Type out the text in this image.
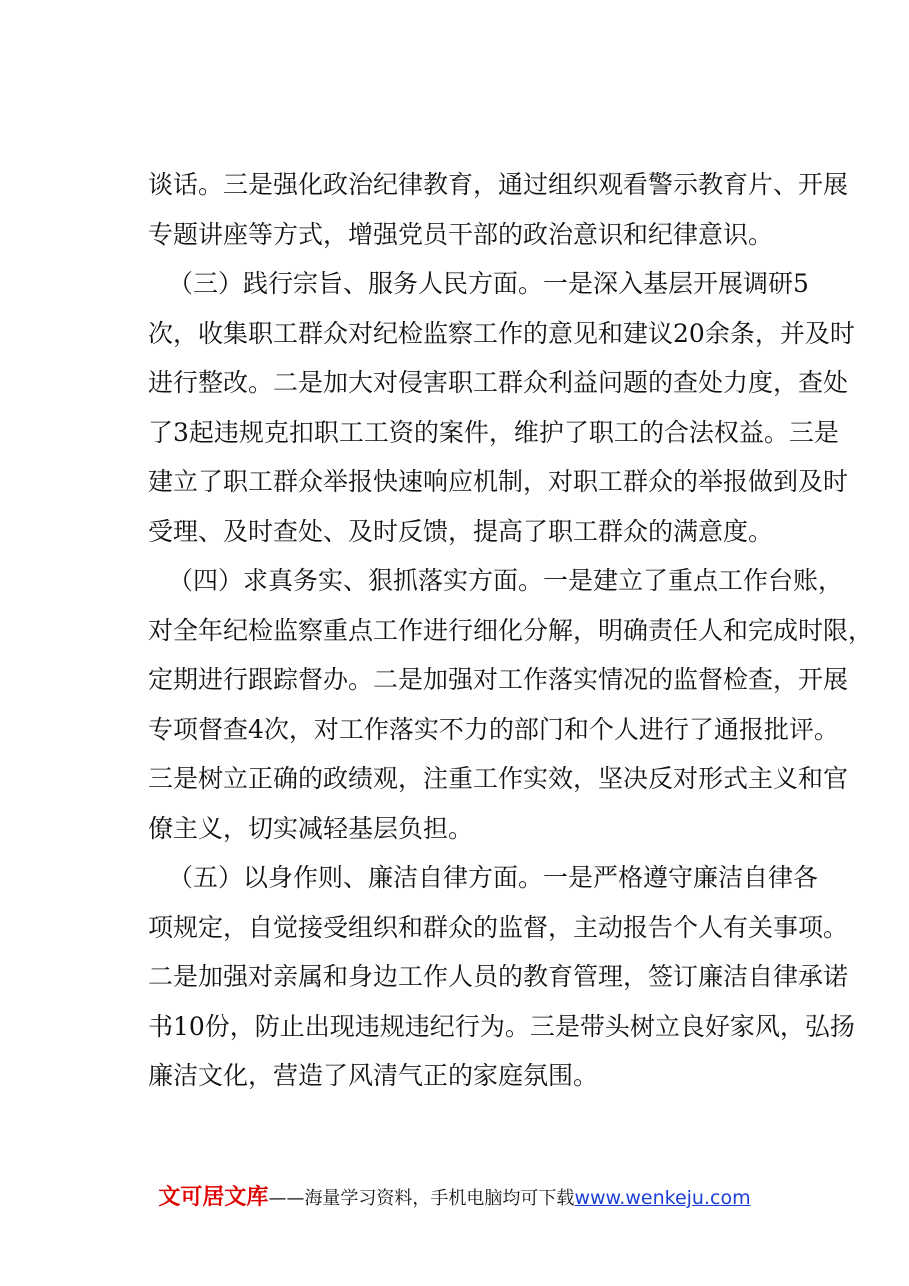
谈话。三是强化政治纪律教育，通过组织观看警示教育片、开展
专题讲座等方式，增强党员干部的政治意识和纪律意识。
（三）践行宗旨、服务人民方面。一是深入基层开展调研5
次，收集职工群众对纪检监察工作的意见和建议20余条，并及时
进行整改。二是加大对侵害职工群众利益问题的查处力度，查处
了3起违规克扣职工工资的案件，维护了职工的合法权益。三是
建立了职工群众举报快速响应机制，对职工群众的举报做到及时
受理、及时查处、及时反馈，提高了职工群众的满意度。
（四）求真务实、狠抓落实方面。一是建立了重点工作台账，
对全年纪检监察重点工作进行细化分解，明确责任人和完成时限，
定期进行跟踪督办。二是加强对工作落实情况的监督检查，开展
专项督查4次，对工作落实不力的部门和个人进行了通报批评。
三是树立正确的政绩观，注重工作实效，坚决反对形式主义和官
僚主义，切实减轻基层负担。
（五）以身作则、廉洁自律方面。一是严格遵守廉洁自律各
项规定，自觉接受组织和群众的监督，主动报告个人有关事项。
二是加强对亲属和身边工作人员的教育管理，签订廉洁自律承诺
书10份，防止出现违规违纪行为。三是带头树立良好家风，弘扬
廉洁文化，营造了风清气正的家庭氛围。
文可居文库——海量学习资料，手机电脑均可下载www.wenkeju.com
